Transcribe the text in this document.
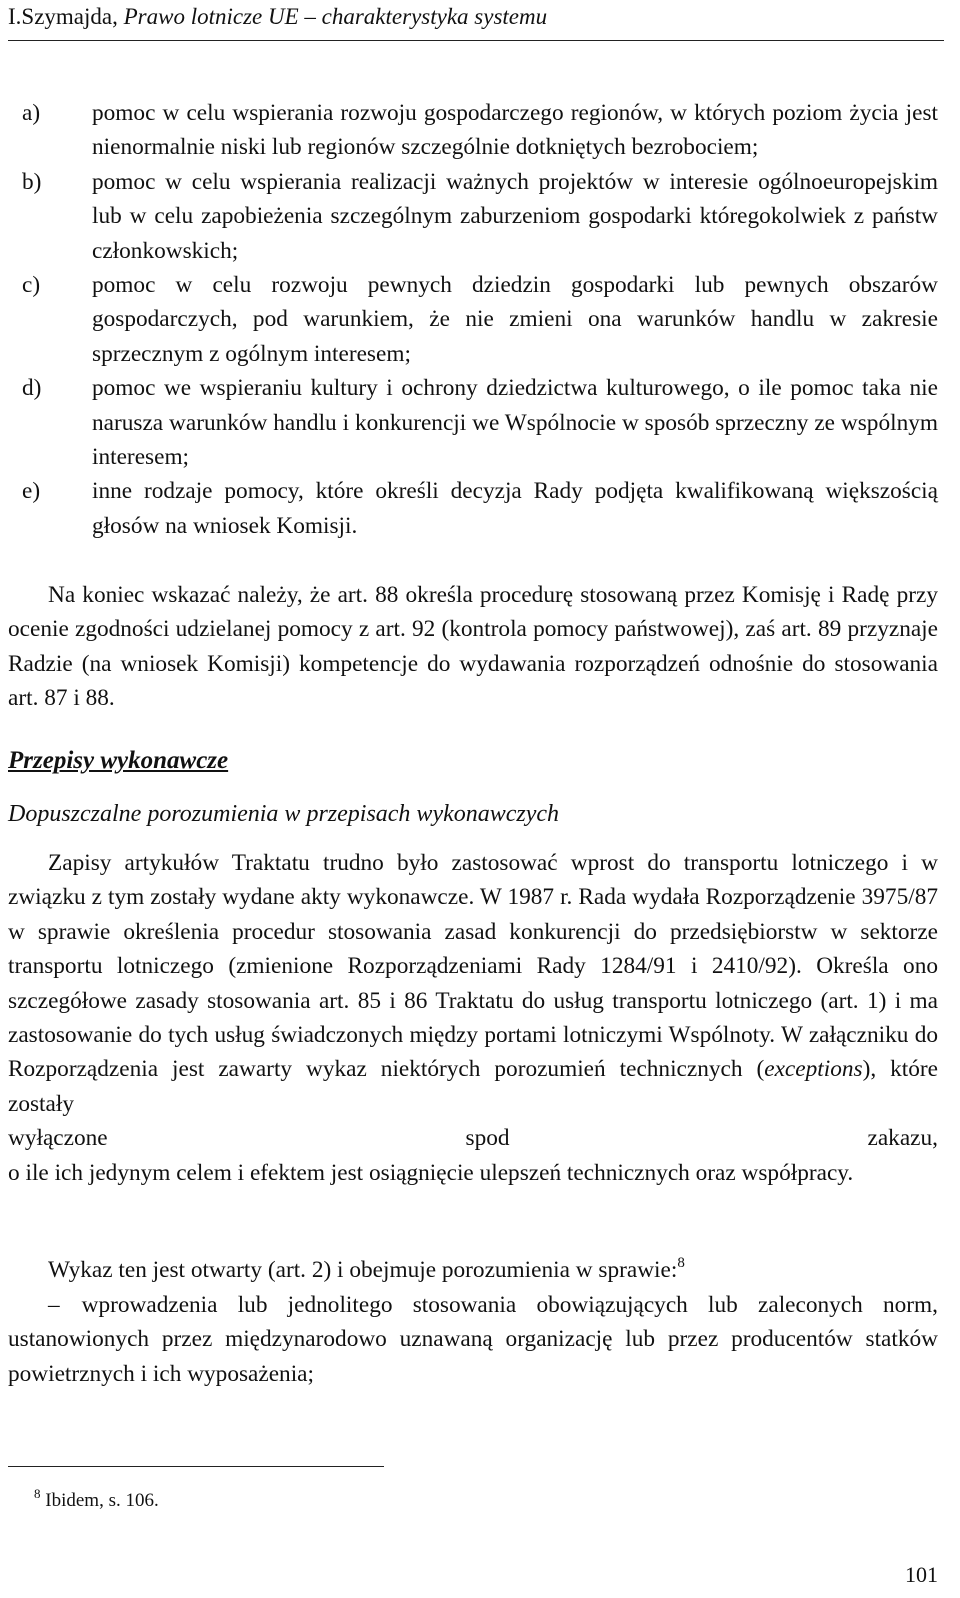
I.Szymajda, Prawo lotnicze UE – charakterystyka systemu
a)	pomoc w celu wspierania rozwoju gospodarczego regionów, w których poziom życia jest nienormalnie niski lub regionów szczególnie dotkniętych bezrobociem;
b)	pomoc w celu wspierania realizacji ważnych projektów w interesie ogólnoeuropejskim lub w celu zapobieżenia szczególnym zaburzeniom gospodarki któregokolwiek z państw członkowskich;
c)	pomoc w celu rozwoju pewnych dziedzin gospodarki lub pewnych obszarów gospodarczych, pod warunkiem, że nie zmieni ona warunków handlu w zakresie sprzecznym z ogólnym interesem;
d)	pomoc we wspieraniu kultury i ochrony dziedzictwa kulturowego, o ile pomoc taka nie narusza warunków handlu i konkurencji we Wspólnocie w sposób sprzeczny ze wspólnym interesem;
e)	inne rodzaje pomocy, które określi decyzja Rady podjęta kwalifikowaną większością głosów na wniosek Komisji.
Na koniec wskazać należy, że art. 88 określa procedurę stosowaną przez Komisję i Radę przy ocenie zgodności udzielanej pomocy z art. 92 (kontrola pomocy państwowej), zaś art. 89 przyznaje Radzie (na wniosek Komisji) kompetencje do wydawania rozporządzeń odnośnie do stosowania art. 87 i 88.
Przepisy wykonawcze
Dopuszczalne porozumienia w przepisach wykonawczych
Zapisy artykułów Traktatu trudno było zastosować wprost do transportu lotniczego i w związku z tym zostały wydane akty wykonawcze. W 1987 r. Rada wydała Rozporządzenie 3975/87 w sprawie określenia procedur stosowania zasad konkurencji do przedsiębiorstw w sektorze transportu lotniczego (zmienione Rozporządzeniami Rady 1284/91 i 2410/92). Określa ono szczegółowe zasady stosowania art. 85 i 86 Traktatu do usług transportu lotniczego (art. 1) i ma zastosowanie do tych usług świadczonych między portami lotniczymi Wspólnoty. W załączniku do Rozporządzenia jest zawarty wykaz niektórych porozumień technicznych (exceptions), które zostały
wyłączone	spod	zakazu,
o ile ich jedynym celem i efektem jest osiągnięcie ulepszeń technicznych oraz współpracy.
Wykaz ten jest otwarty (art. 2) i obejmuje porozumienia w sprawie:$^8$
– wprowadzenia lub jednolitego stosowania obowiązujących lub zaleconych norm, ustanowionych przez międzynarodowo uznawaną organizację lub przez producentów statków powietrznych i ich wyposażenia;
$^8$ Ibidem, s. 106.
101
